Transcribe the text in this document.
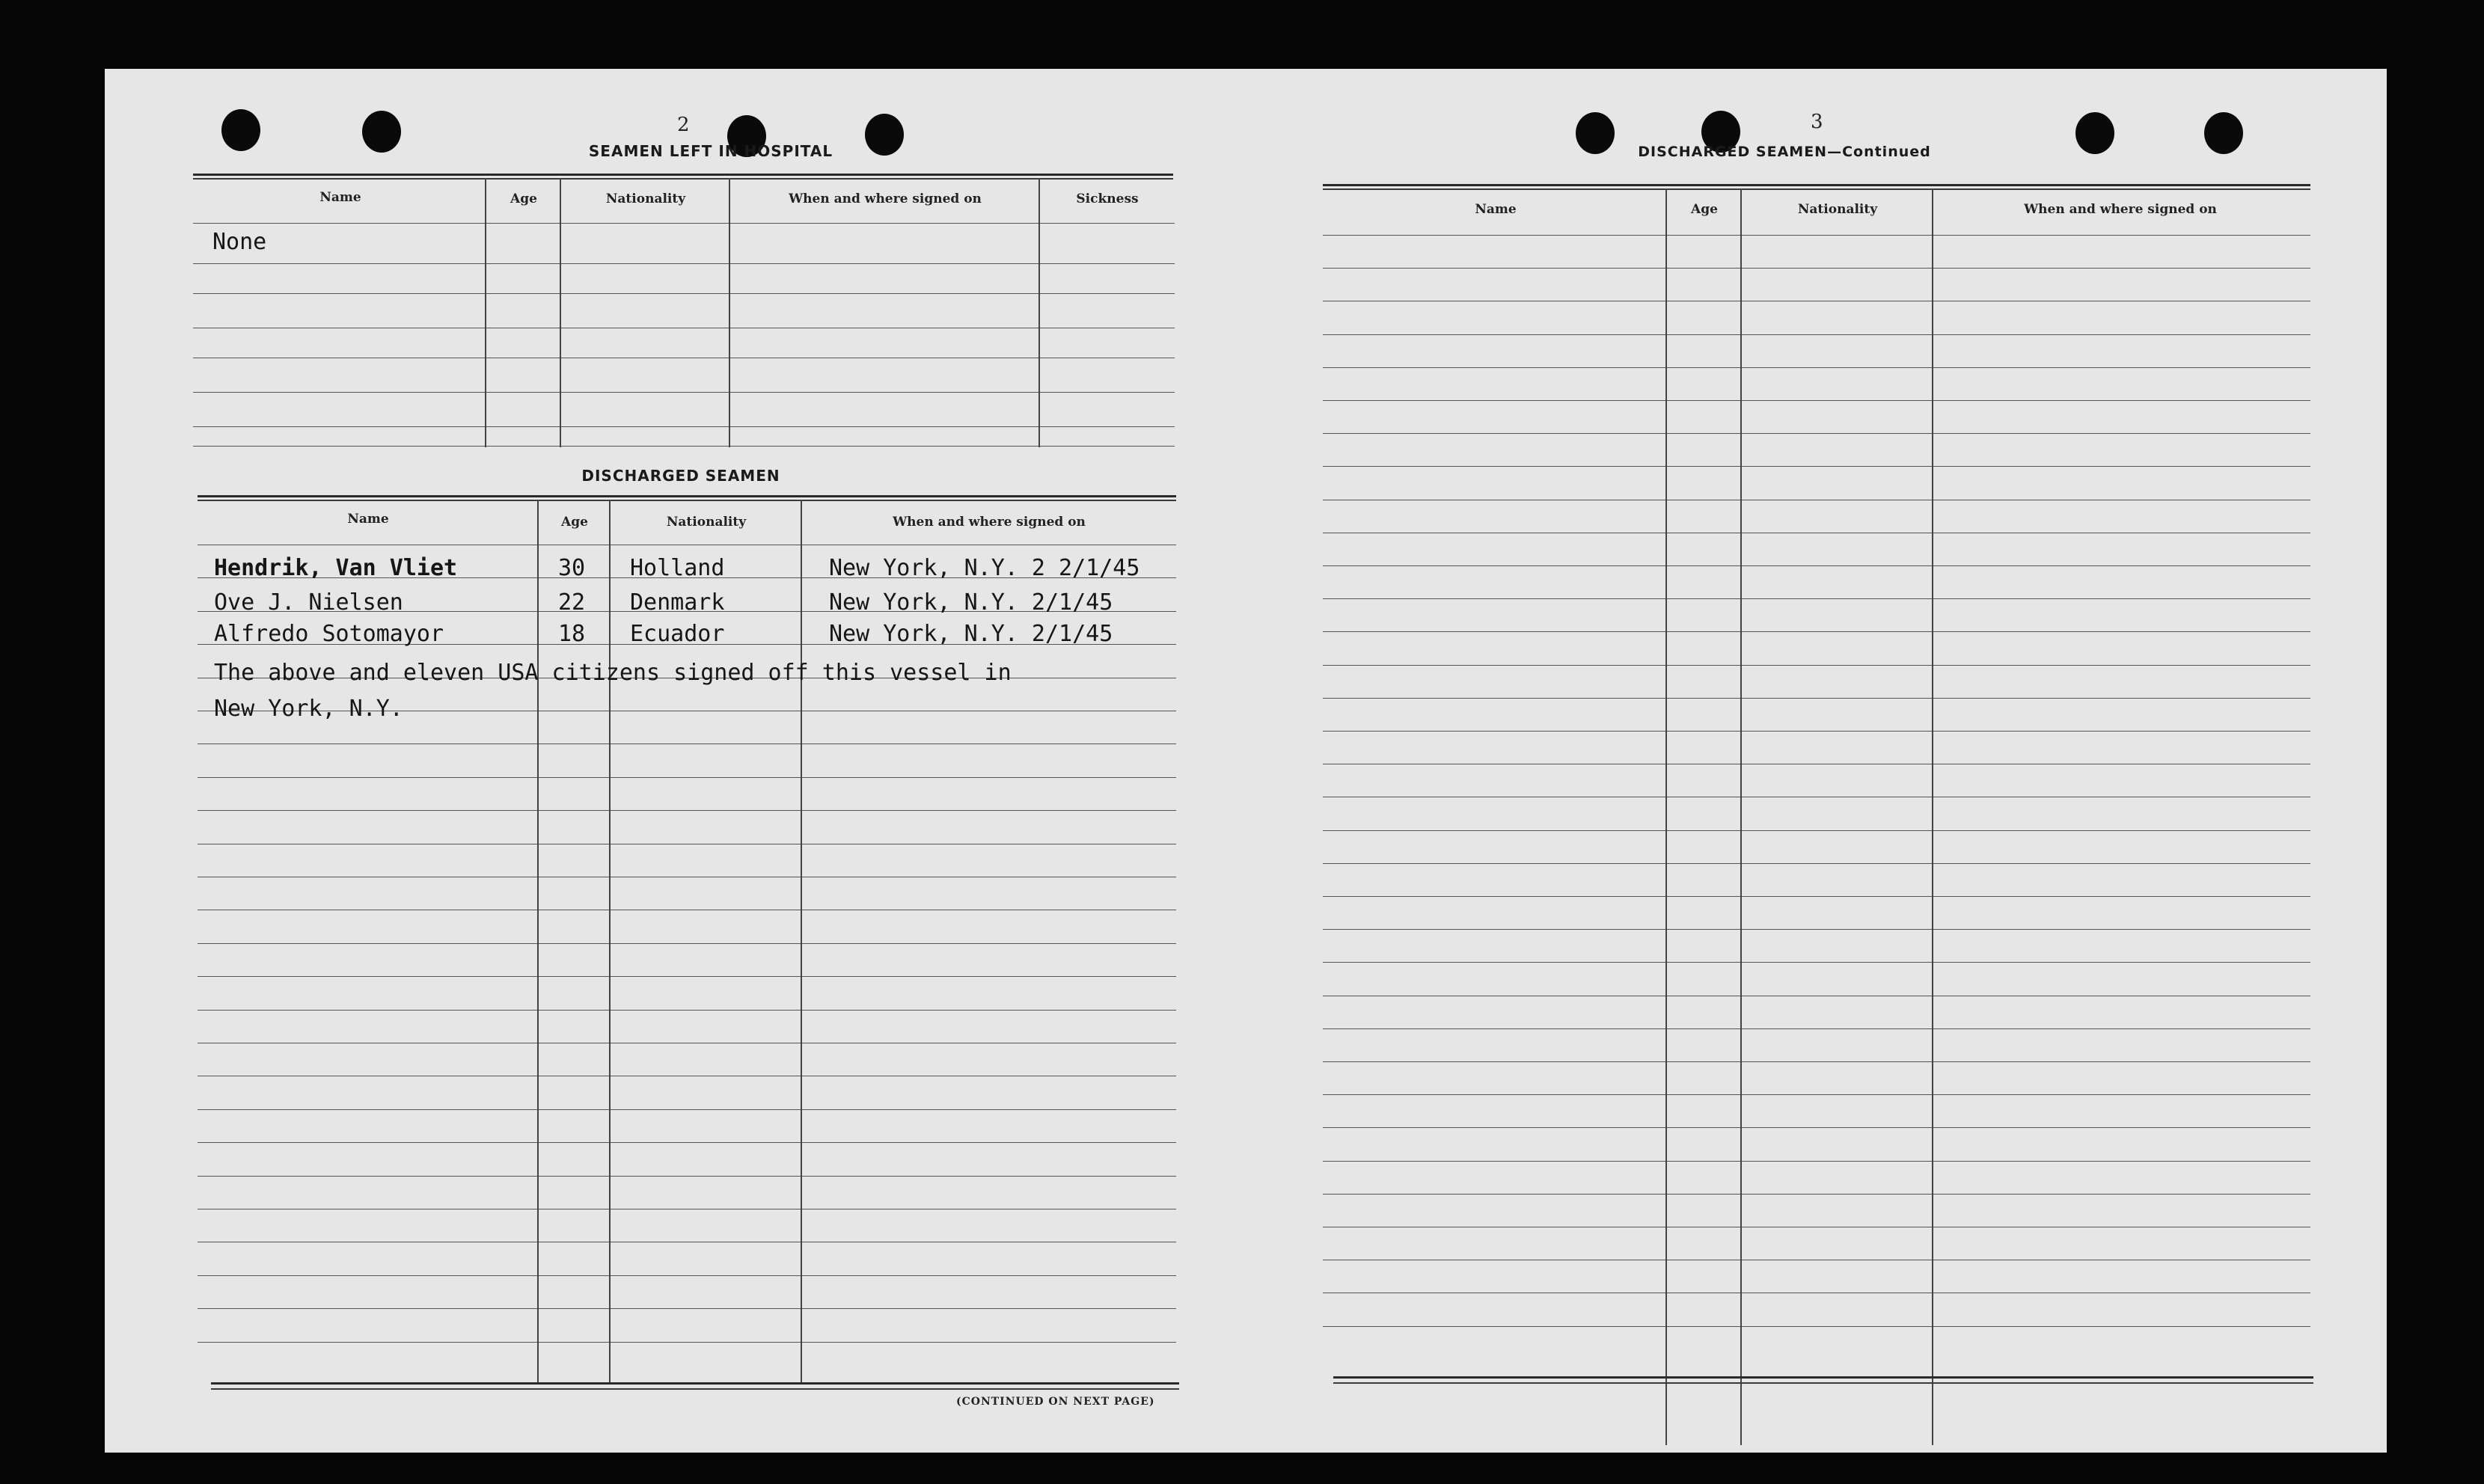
2
SEAMEN LEFT IN HOSPITAL
Name	Age	Nationality	When and where signed on	Sickness
None
DISCHARGED SEAMEN
Name	Age	Nationality	When and where signed on
Hendrik, Van Vliet	30 Holland	New York, N.Y. 2 2/1/45
Ove J. Nielsen	22 Denmark	New York, N.Y. 2/1/45
Alfredo Sotomayor	18 Ecuador	New York, N.Y. 2/1/45
The above and eleven USA citizens signed off this vessel in
New York, N.Y.
(CONTINUED ON NEXT PAGE)
3
DISCHARGED SEAMEN—Continued
Name	Age	Nationality	When and where signed on
